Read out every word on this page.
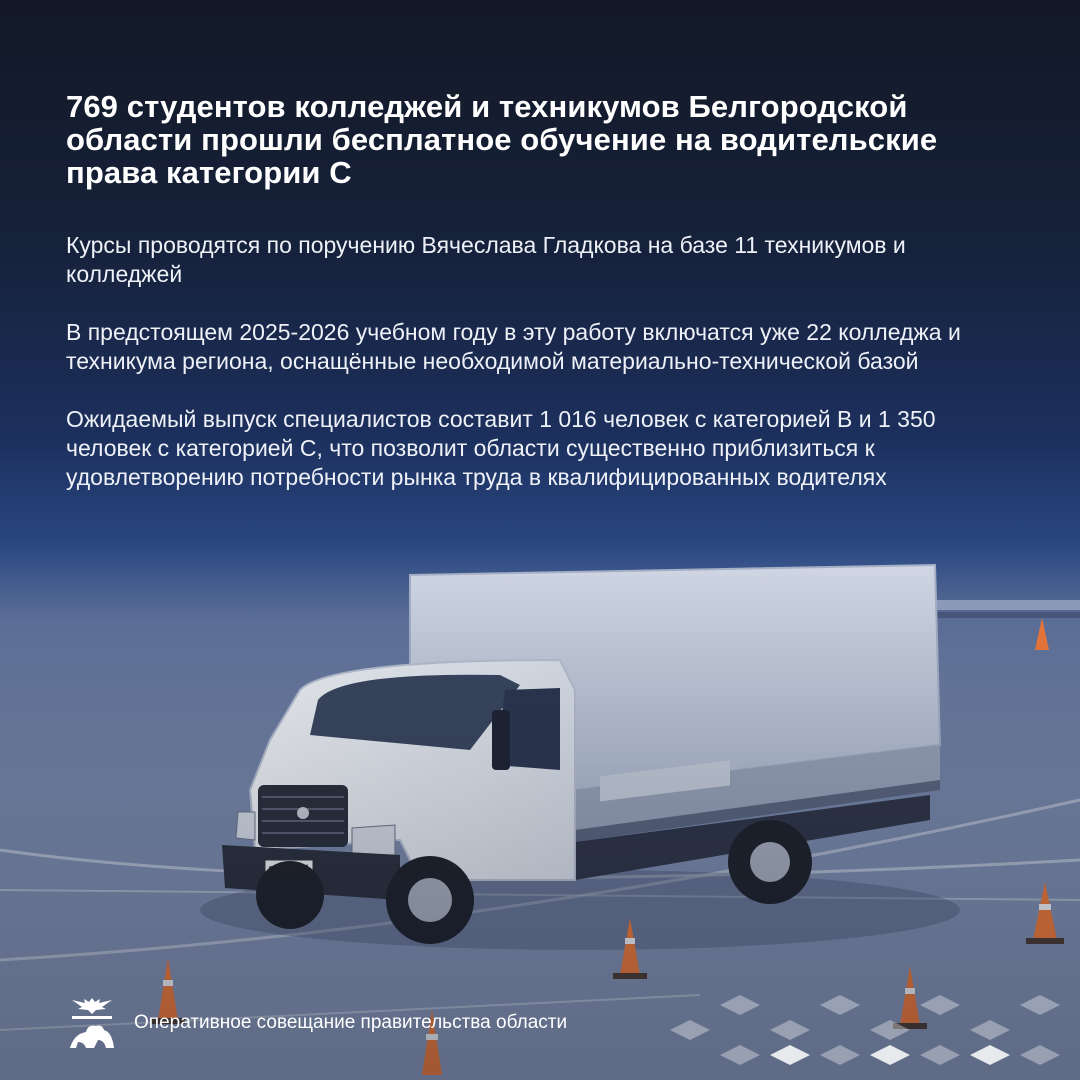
о023ут 31
769 студентов колледжей и техникумов Белгородской области прошли бесплатное обучение на водительские права категории С

Курсы проводятся по поручению Вячеслава Гладкова на базе 11 техникумов и колледжей

В предстоящем 2025-2026 учебном году в эту работу включатся уже 22 колледжа и техникума региона, оснащённые необходимой материально-технической базой

Ожидаемый выпуск специалистов составит 1 016 человек с категорией В и 1 350 человек с категорией С, что позволит области существенно приблизиться к удовлетворению потребности рынка труда в квалифицированных водителях

Оперативное совещание правительства области
